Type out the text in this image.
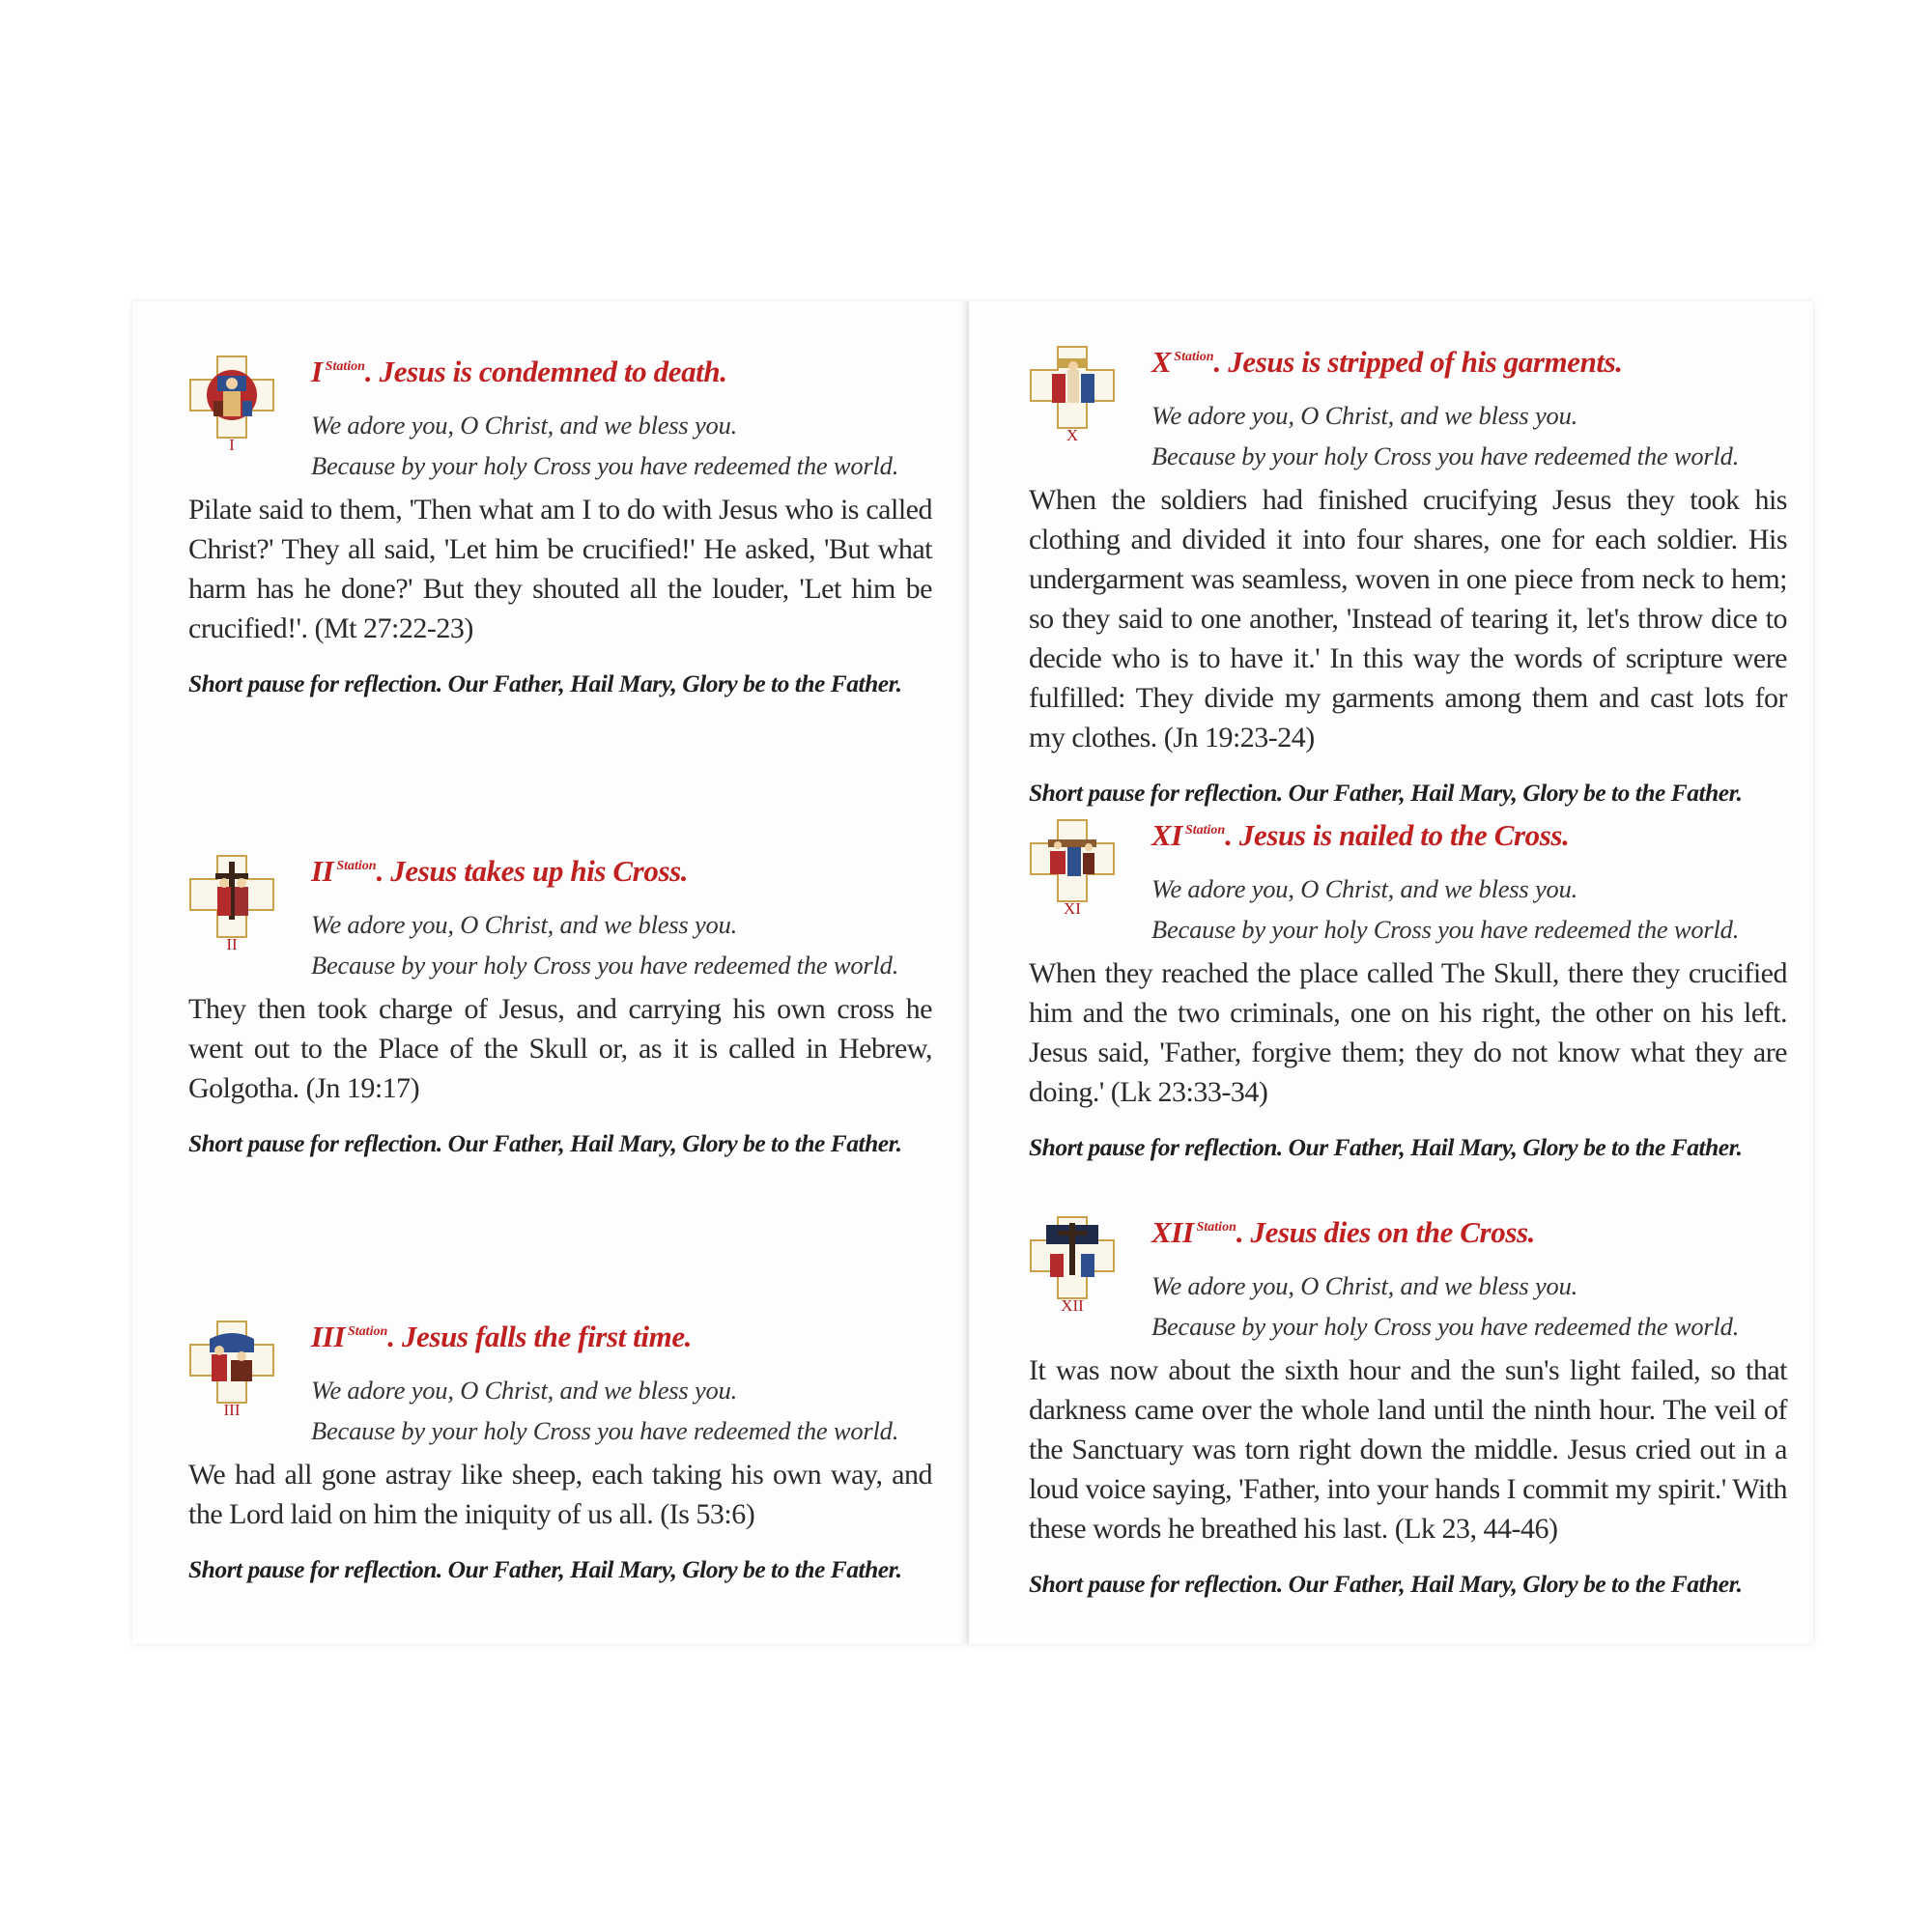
I
I $^{Station}$. Jesus is condemned to death.
We adore you, O Christ, and we bless you.
Because by your holy Cross you have redeemed the world.
Pilate said to them, 'Then what am I to do with Jesus who is called Christ?' They all said, 'Let him be crucified!' He asked, 'But what harm has he done?' But they shouted all the louder, 'Let him be crucified!'. (Mt 27:22-23)
Short pause for reflection. Our Father, Hail Mary, Glory be to the Father.
II
II $^{Station}$. Jesus takes up his Cross.
We adore you, O Christ, and we bless you.
Because by your holy Cross you have redeemed the world.
They then took charge of Jesus, and carrying his own cross he went out to the Place of the Skull or, as it is called in Hebrew, Golgotha. (Jn 19:17)
Short pause for reflection. Our Father, Hail Mary, Glory be to the Father.
III
III $^{Station}$. Jesus falls the first time.
We adore you, O Christ, and we bless you.
Because by your holy Cross you have redeemed the world.
We had all gone astray like sheep, each taking his own way, and the Lord laid on him the iniquity of us all. (Is 53:6)
Short pause for reflection. Our Father, Hail Mary, Glory be to the Father.
X
X $^{Station}$. Jesus is stripped of his garments.
We adore you, O Christ, and we bless you.
Because by your holy Cross you have redeemed the world.
When the soldiers had finished crucifying Jesus they took his clothing and divided it into four shares, one for each soldier. His undergarment was seamless, woven in one piece from neck to hem; so they said to one another, 'Instead of tearing it, let's throw dice to decide who is to have it.' In this way the words of scripture were fulfilled: They divide my garments among them and cast lots for my clothes. (Jn 19:23-24)
Short pause for reflection. Our Father, Hail Mary, Glory be to the Father.
XI
XI $^{Station}$. Jesus is nailed to the Cross.
We adore you, O Christ, and we bless you.
Because by your holy Cross you have redeemed the world.
When they reached the place called The Skull, there they crucified him and the two criminals, one on his right, the other on his left. Jesus said, 'Father, forgive them; they do not know what they are doing.' (Lk 23:33-34)
Short pause for reflection. Our Father, Hail Mary, Glory be to the Father.
XII
XII $^{Station}$. Jesus dies on the Cross.
We adore you, O Christ, and we bless you.
Because by your holy Cross you have redeemed the world.
It was now about the sixth hour and the sun's light failed, so that darkness came over the whole land until the ninth hour. The veil of the Sanctuary was torn right down the middle. Jesus cried out in a loud voice saying, 'Father, into your hands I commit my spirit.' With these words he breathed his last. (Lk 23, 44-46)
Short pause for reflection. Our Father, Hail Mary, Glory be to the Father.
